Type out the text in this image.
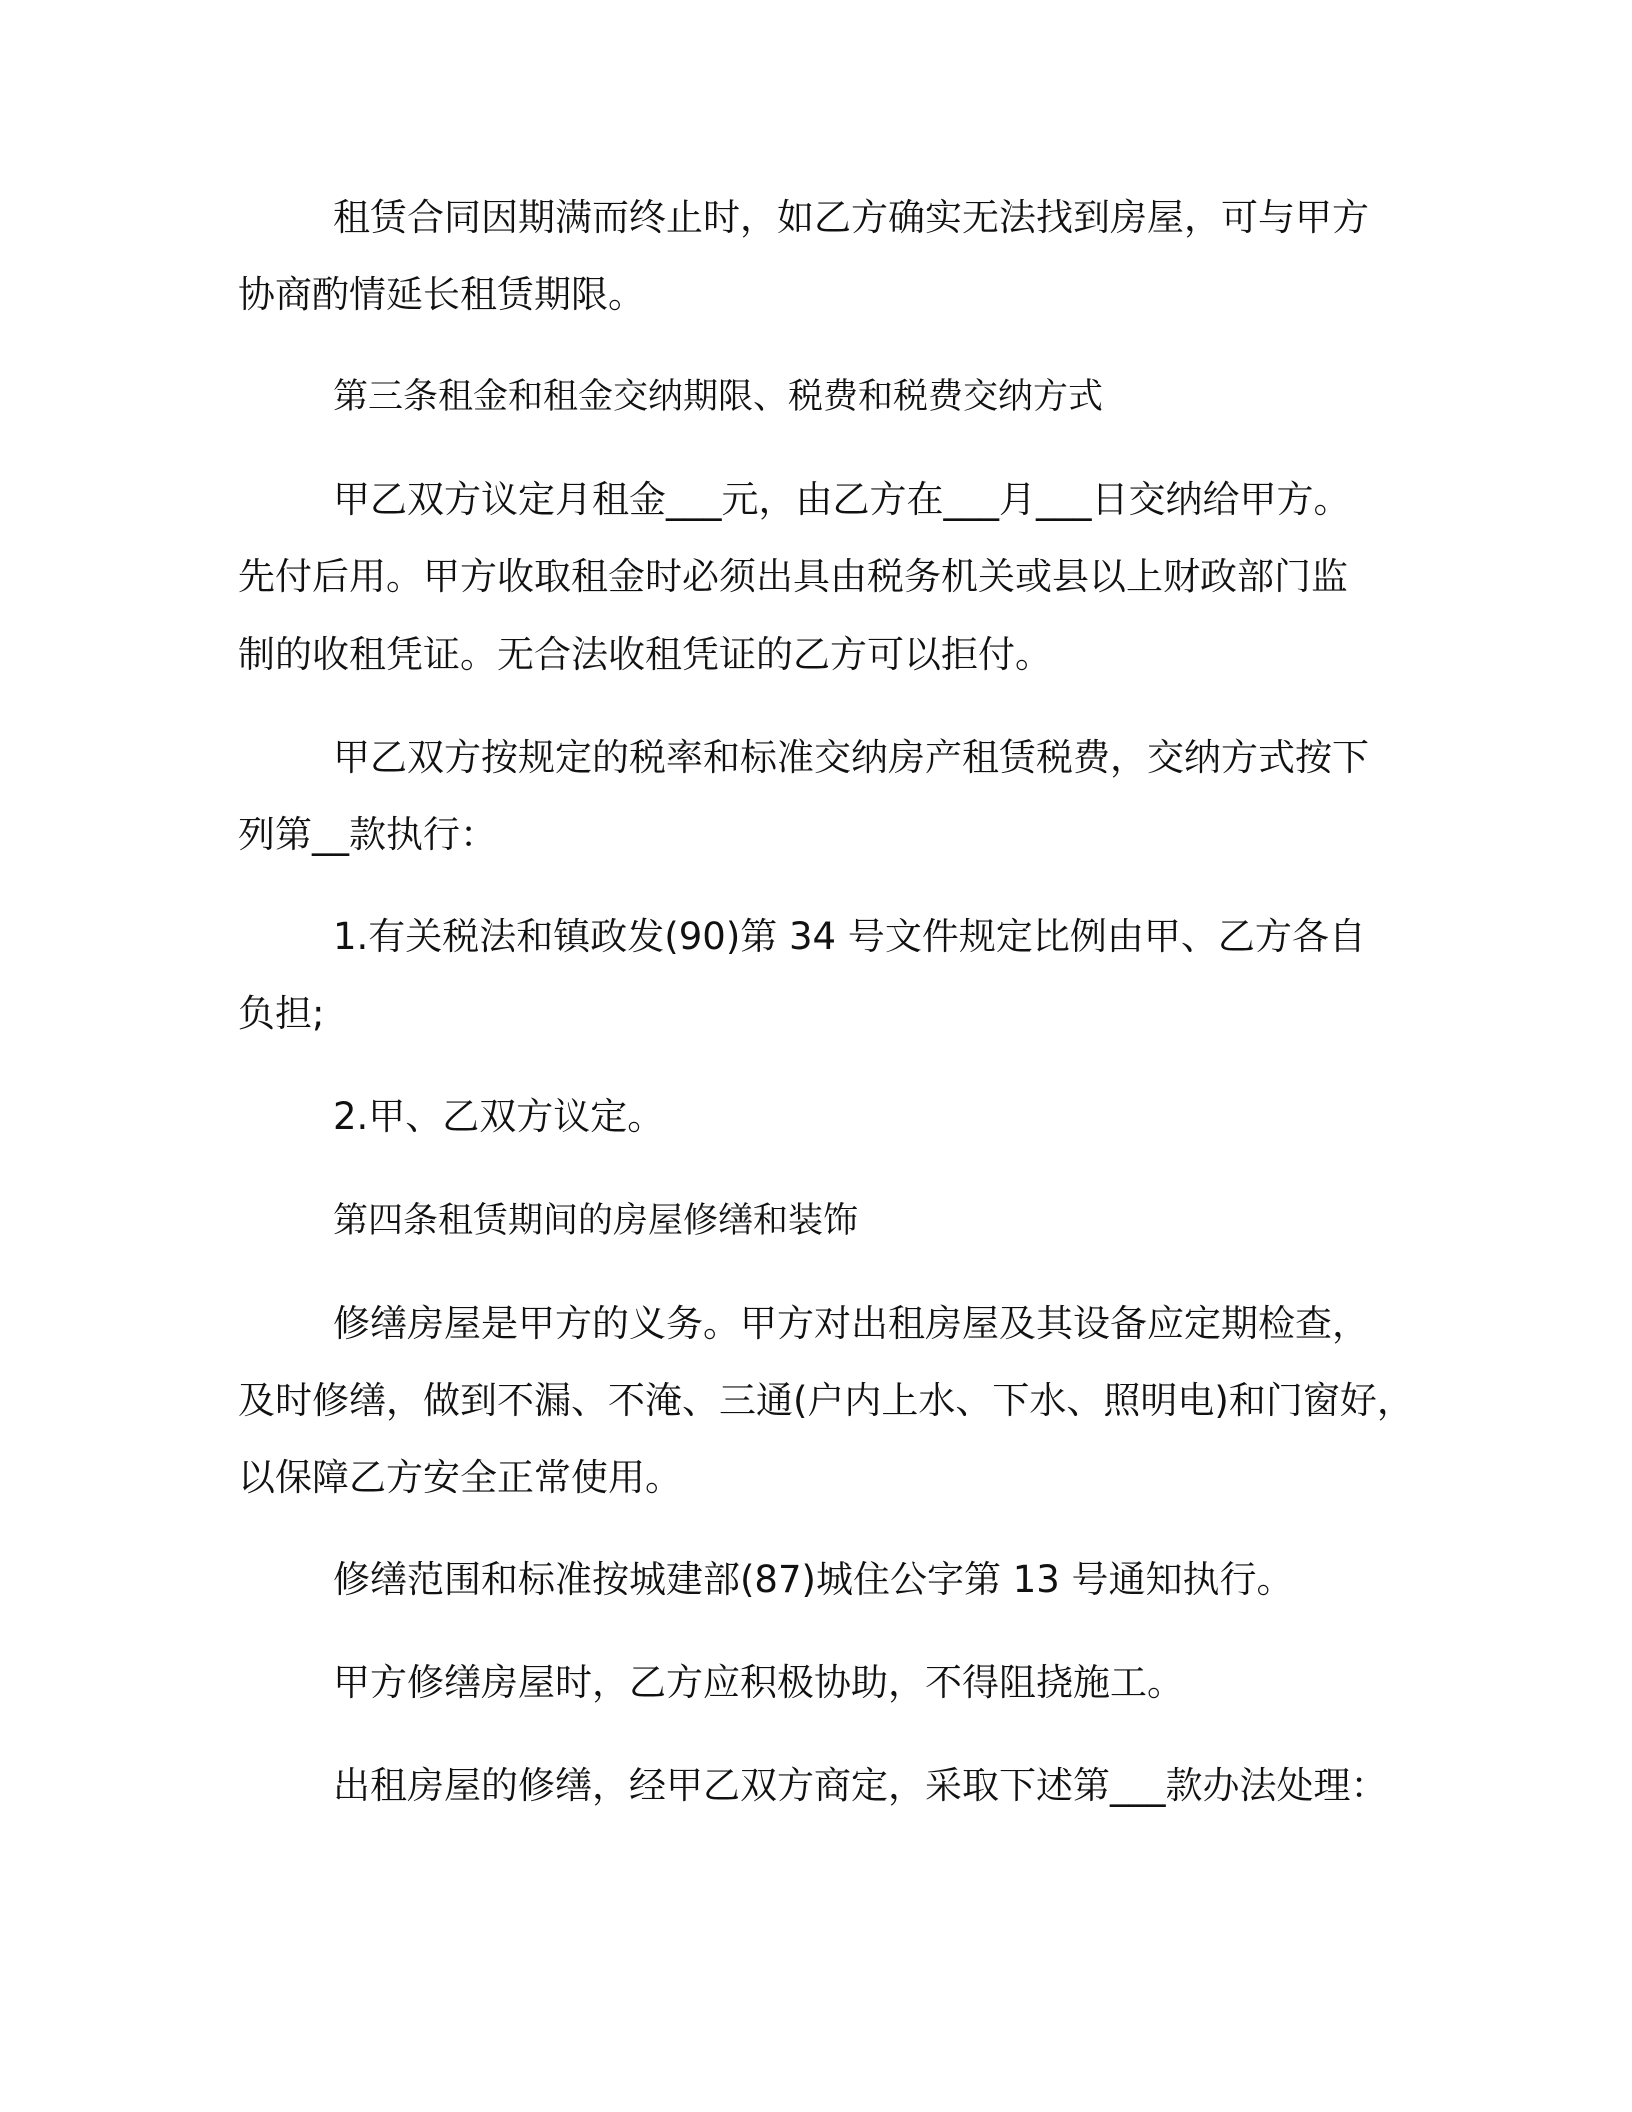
租赁合同因期满而终止时，如乙方确实无法找到房屋，可与甲方

协商酌情延长租赁期限。

第三条租金和租金交纳期限、税费和税费交纳方式

甲乙双方议定月租金___元，由乙方在___月___日交纳给甲方。

先付后用。甲方收取租金时必须出具由税务机关或县以上财政部门监

制的收租凭证。无合法收租凭证的乙方可以拒付。

甲乙双方按规定的税率和标准交纳房产租赁税费，交纳方式按下

列第__款执行：

1.有关税法和镇政发(90)第 34 号文件规定比例由甲、乙方各自

负担;

2.甲、乙双方议定。

第四条租赁期间的房屋修缮和装饰

修缮房屋是甲方的义务。甲方对出租房屋及其设备应定期检查，

及时修缮，做到不漏、不淹、三通(户内上水、下水、照明电)和门窗好，

以保障乙方安全正常使用。

修缮范围和标准按城建部(87)城住公字第 13 号通知执行。

甲方修缮房屋时，乙方应积极协助，不得阻挠施工。

出租房屋的修缮，经甲乙双方商定，采取下述第___款办法处理：
